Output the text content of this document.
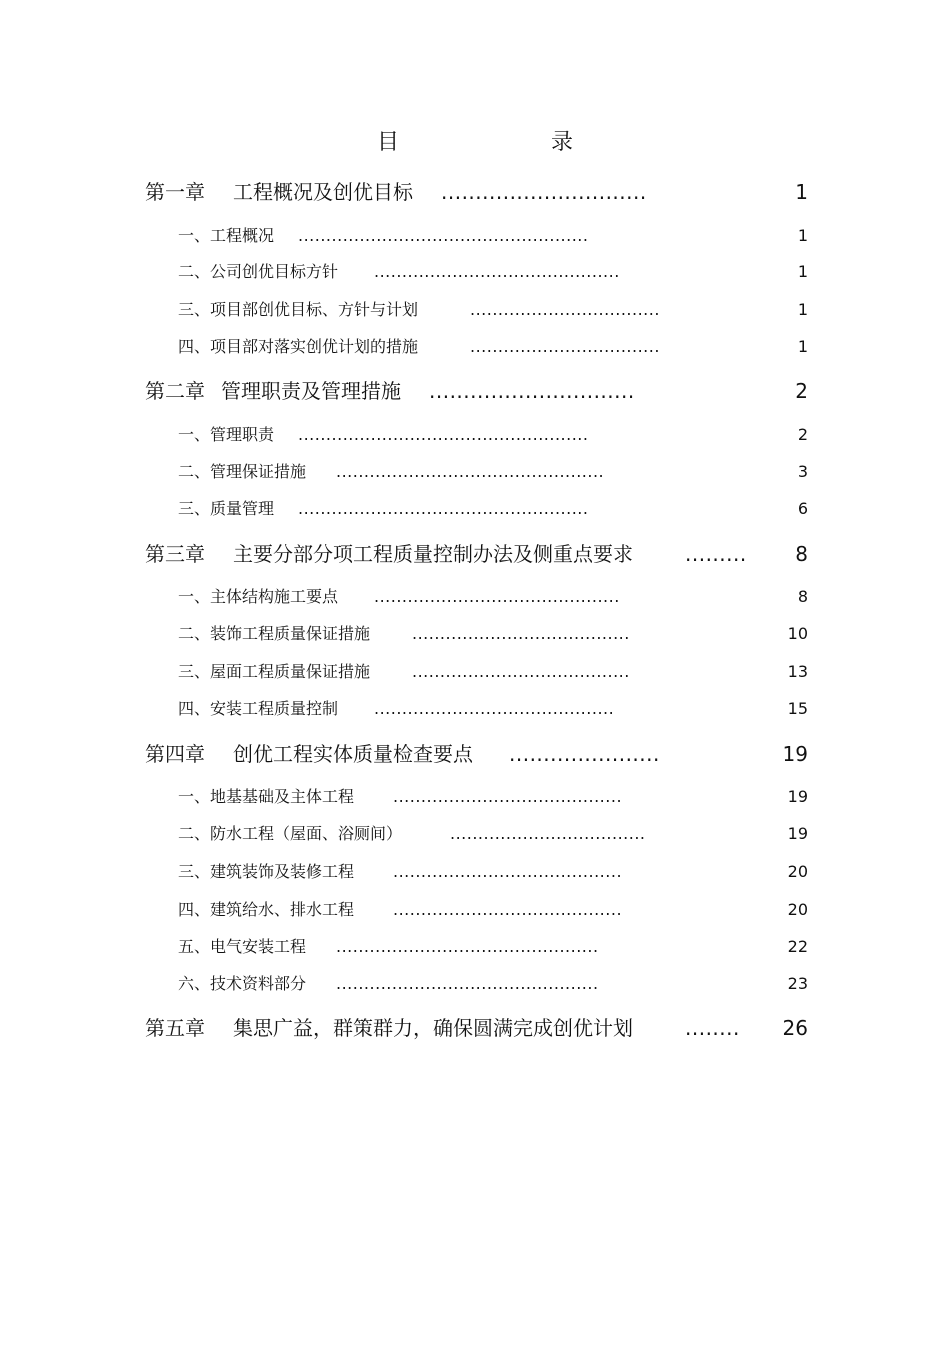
目　　录
第一章 工程概况及创优目标 ..............................	1
一、工程概况 ....................................................	1
二、公司创优目标方针 ............................................	1
三、项目部创优目标、方针与计划	..................................	1
四、项目部对落实创优计划的措施	..................................	1
第二章 管理职责及管理措施 ..............................	2
一、管理职责 ....................................................	2
二、管理保证措施 ................................................	3
三、质量管理 ....................................................	6
第三章 主要分部分项工程质量控制办法及侧重点要求	......... 8
一、主体结构施工要点 ............................................	8
二、装饰工程质量保证措施	.......................................	10
三、屋面工程质量保证措施	.......................................	13
四、安装工程质量控制 ...........................................	15
第四章 创优工程实体质量检查要点 ......................	19
一、地基基础及主体工程 .........................................	19
二、防水工程（屋面、浴厕间）	...................................	19
三、建筑装饰及装修工程 .........................................	20
四、建筑给水、排水工程 .........................................	20
五、电气安装工程 ...............................................	22
六、技术资料部分 ...............................................	23
第五章 集思广益，群策群力，确保圆满完成创优计划	........ 26
